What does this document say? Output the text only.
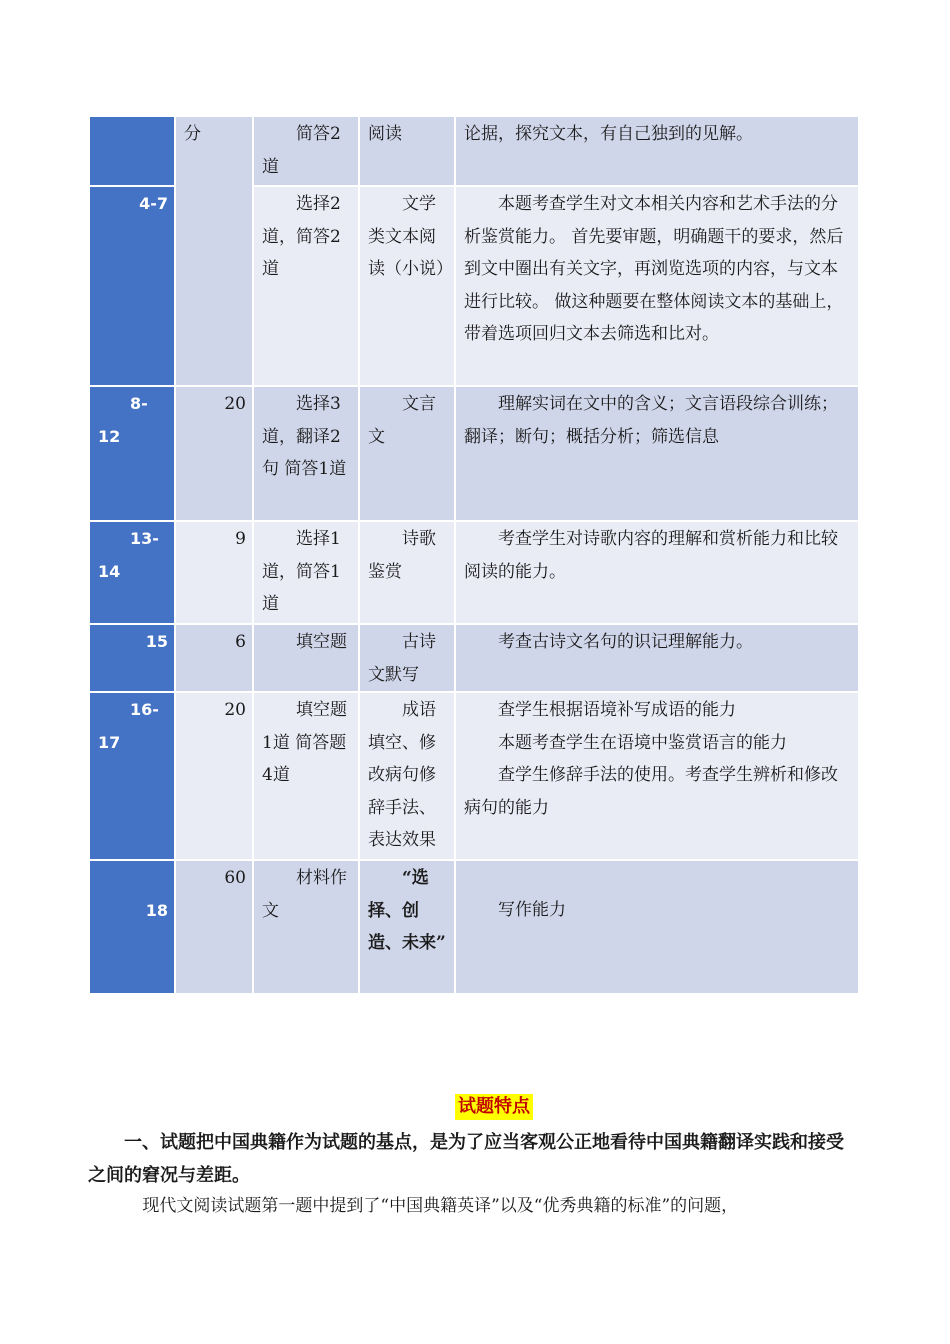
	分	简答2道	阅读	论据，探究文本，有自己独到的见解。
4-7		选择2道，简答2道	文学类文本阅读（小说）	本题考查学生对文本相关内容和艺术手法的分析鉴赏能力。 首先要审题，明确题干的要求，然后到文中圈出有关文字，再浏览选项的内容，与文本进行比较。 做这种题要在整体阅读文本的基础上，带着选项回归文本去筛选和比对。

8-12	20	选择3道，翻译2句 简答1道	文言文	理解实词在文中的含义；文言语段综合训练；翻译；断句；概括分析；筛选信息

13-14	9	选择1道，简答1道	诗歌鉴赏	考查学生对诗歌内容的理解和赏析能力和比较阅读的能力。

15	6	填空题	古诗文默写	考查古诗文名句的识记理解能力。

16-17	20	填空题1道 简答题4道	成语填空、修改病句修辞手法、表达效果	查学生根据语境补写成语的能力
本题考查学生在语境中鉴赏语言的能力
查学生修辞手法的使用。考查学生辨析和修改病句的能力

18	60	材料作文	“选择、创造、未来”	写作能力
试题特点
一、试题把中国典籍作为试题的基点，是为了应当客观公正地看待中国典籍翻译实践和接受之间的窘况与差距。
现代文阅读试题第一题中提到了“中国典籍英译”以及“优秀典籍的标准”的问题，
